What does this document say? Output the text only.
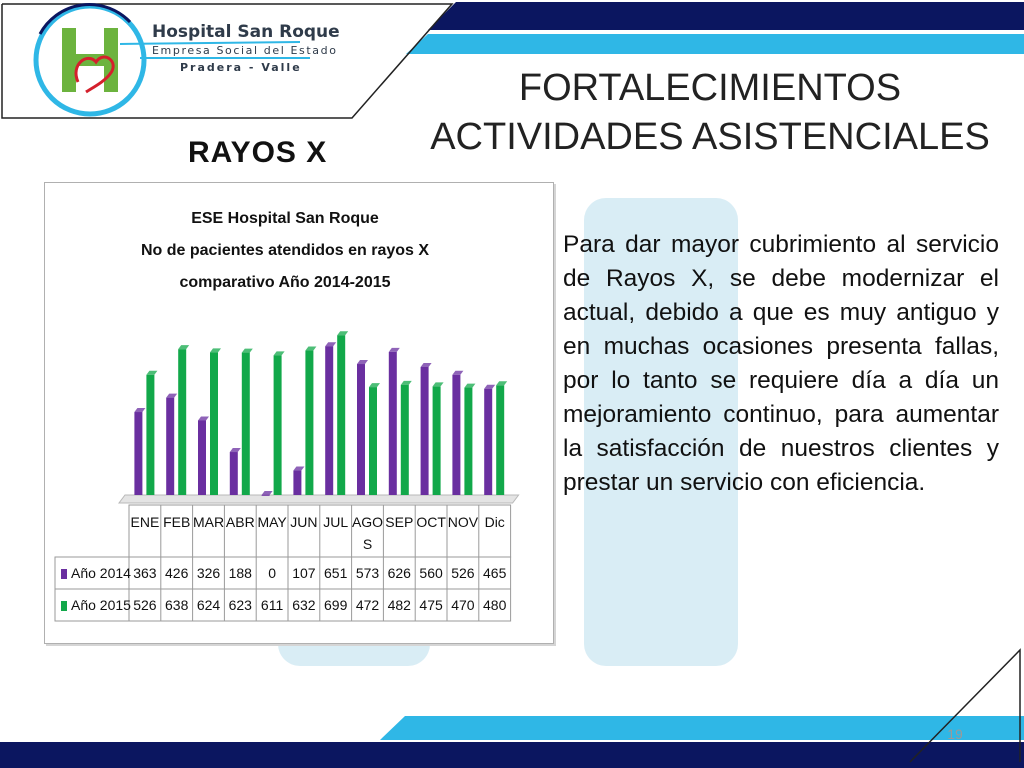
Hospital San Roque
Empresa Social del Estado
Pradera - Valle	FORTALECIMIENTOS
ACTIVIDADES ASISTENCIALES
RAYOS X
ESE Hospital San Roque
No de pacientes atendidos en rayos X
comparativo Año 2014-2015
ENE FEB MAR ABR MAY JUN JUL AGO
S
SEP OCT NOV Dic
Año 2014 363 426 326 188 0 107 651 573 626 560 526 465
Año 2015 526 638 624 623 611 632 699 472 482 475 470 480
Para dar mayor cubrimiento al servicio de Rayos X, se debe modernizar el actual, debido a que es muy antiguo y en muchas ocasiones presenta fallas, por lo tanto se requiere día a día un mejoramiento continuo, para aumentar la satisfacción de nuestros clientes y prestar un servicio con eficiencia.
19
